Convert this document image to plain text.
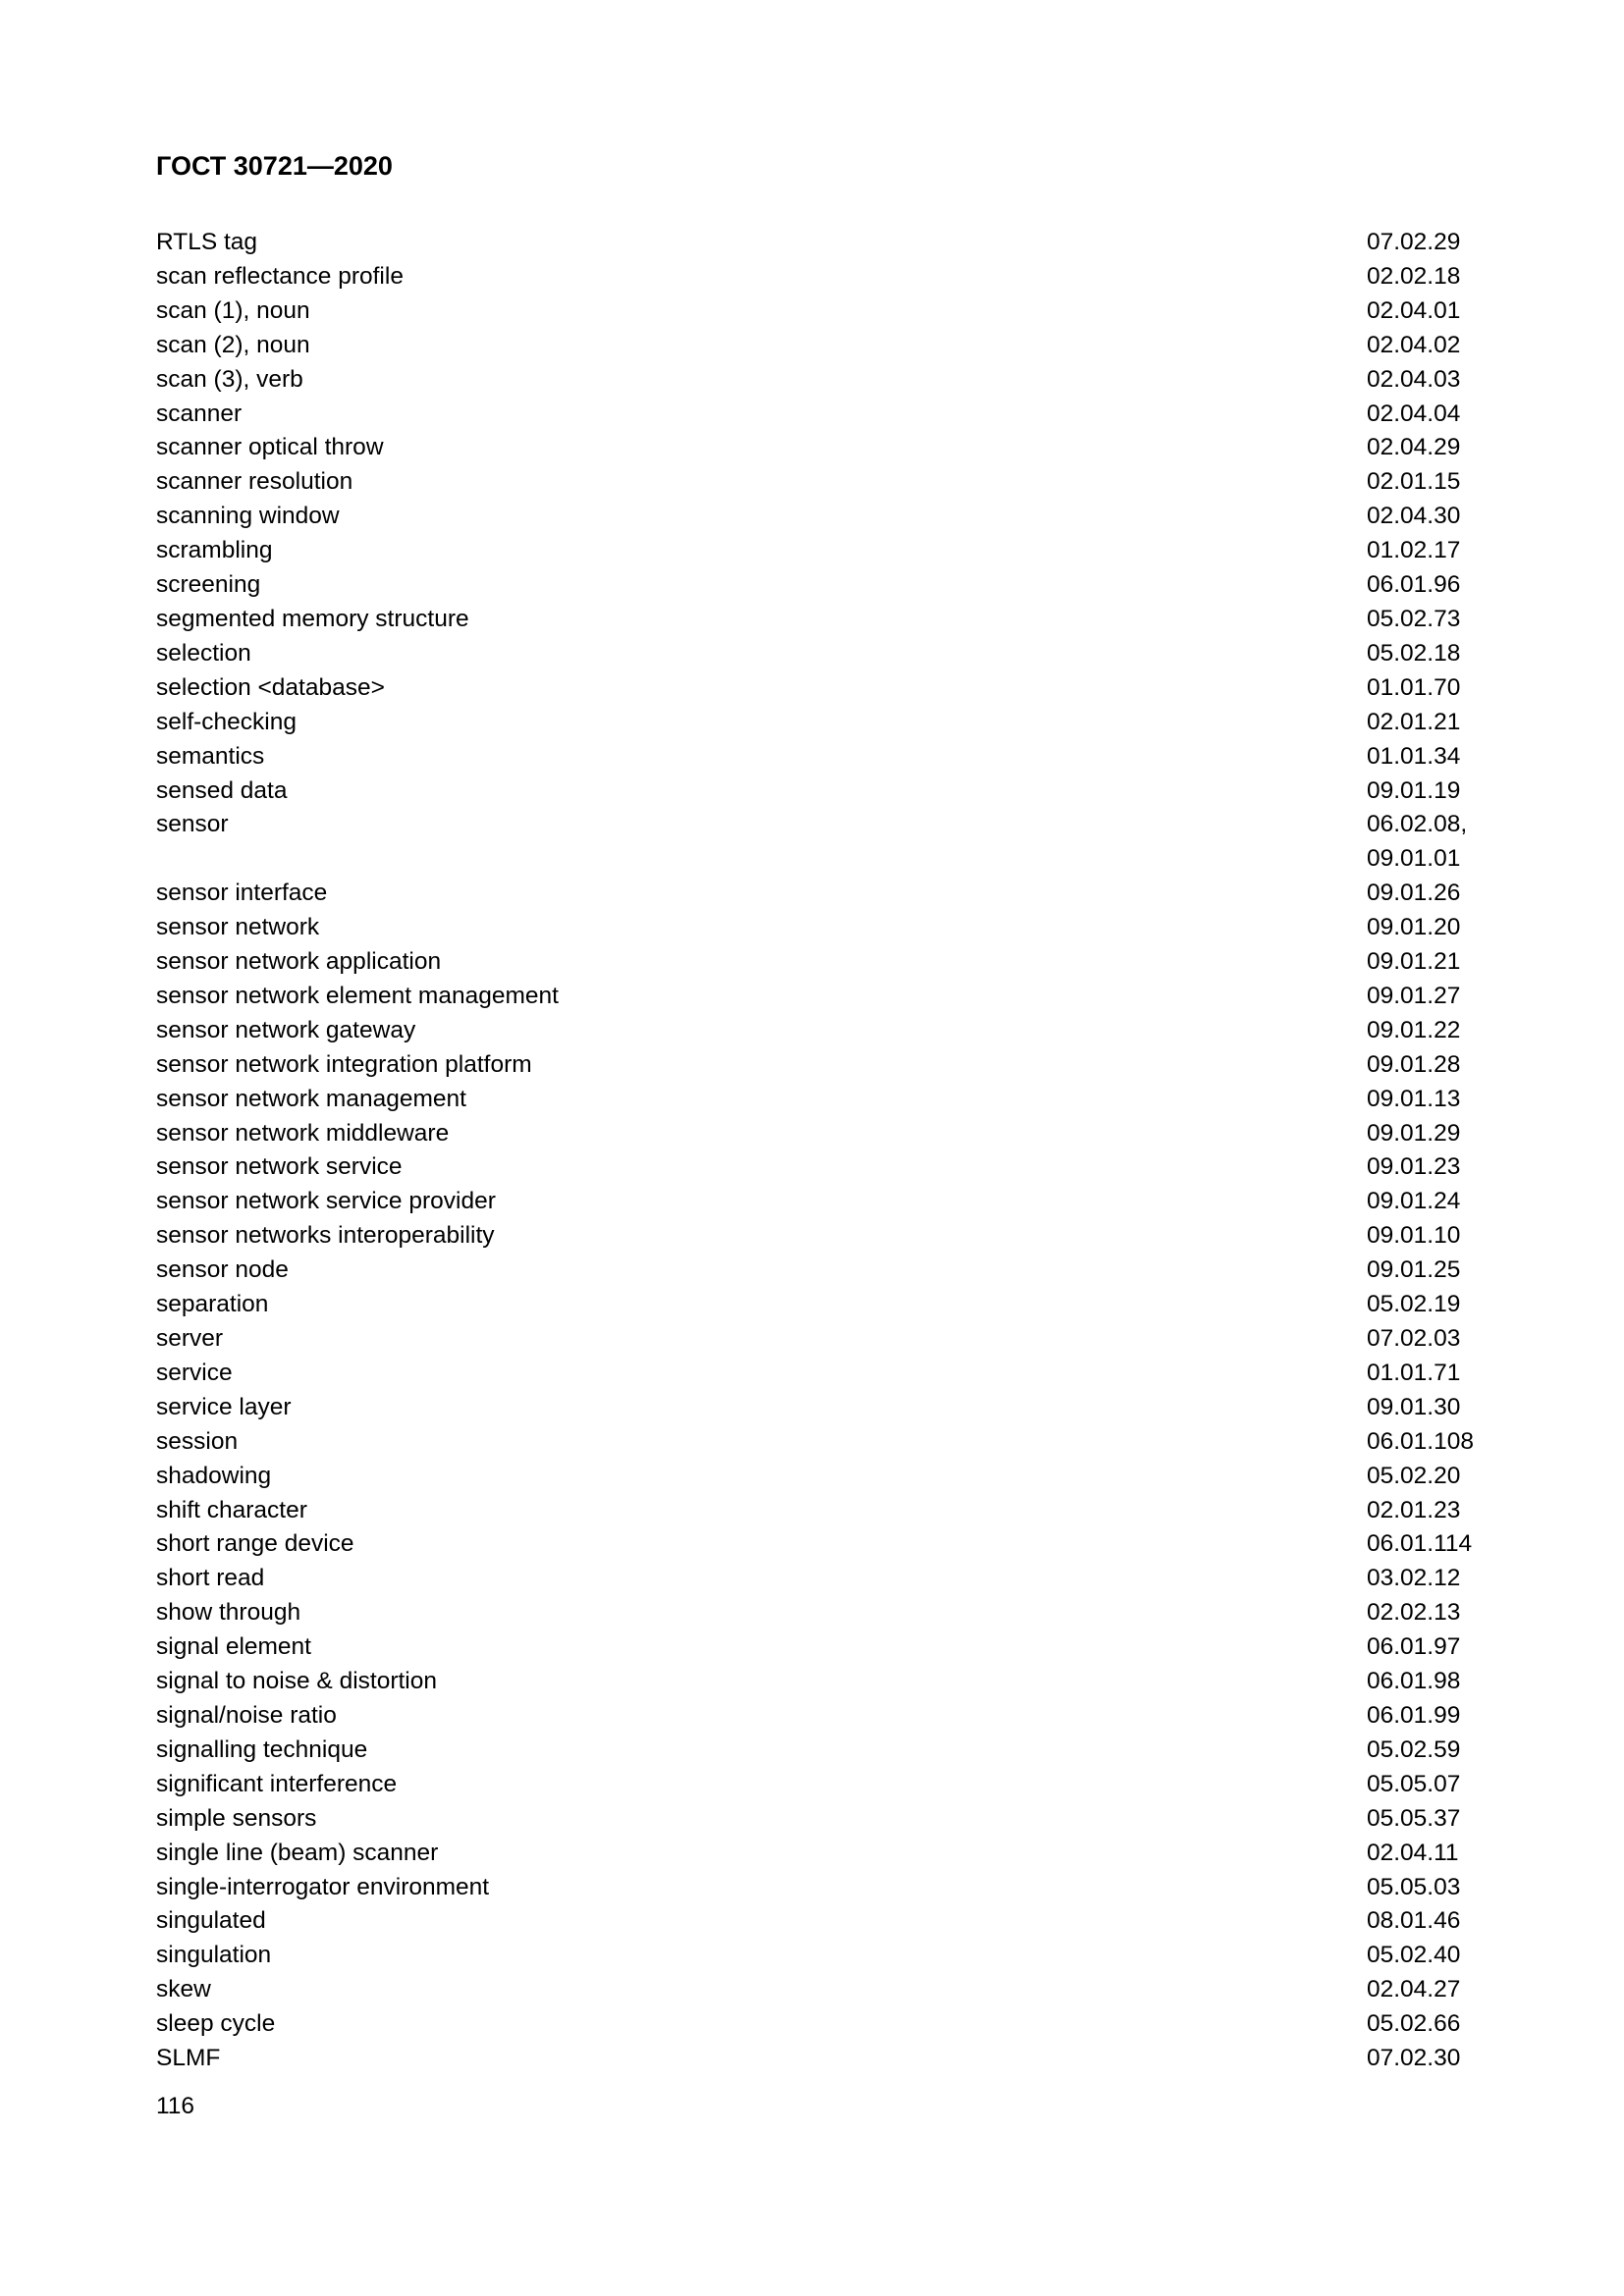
ГОСТ 30721—2020
RTLS tag	07.02.29
scan reflectance profile	02.02.18
scan (1), noun	02.04.01
scan (2), noun	02.04.02
scan (3), verb	02.04.03
scanner	02.04.04
scanner optical throw	02.04.29
scanner resolution	02.01.15
scanning window	02.04.30
scrambling	01.02.17
screening	06.01.96
segmented memory structure	05.02.73
selection	05.02.18
selection <database>	01.01.70
self-checking	02.01.21
semantics	01.01.34
sensed data	09.01.19
sensor	06.02.08,
09.01.01
sensor interface	09.01.26
sensor network	09.01.20
sensor network application	09.01.21
sensor network element management	09.01.27
sensor network gateway	09.01.22
sensor network integration platform	09.01.28
sensor network management	09.01.13
sensor network middleware	09.01.29
sensor network service	09.01.23
sensor network service provider	09.01.24
sensor networks interoperability	09.01.10
sensor node	09.01.25
separation	05.02.19
server	07.02.03
service	01.01.71
service layer	09.01.30
session	06.01.108
shadowing	05.02.20
shift character	02.01.23
short range device	06.01.114
short read	03.02.12
show through	02.02.13
signal element	06.01.97
signal to noise & distortion	06.01.98
signal/noise ratio	06.01.99
signalling technique	05.02.59
significant interference	05.05.07
simple sensors	05.05.37
single line (beam) scanner	02.04.11
single-interrogator environment	05.05.03
singulated	08.01.46
singulation	05.02.40
skew	02.04.27
sleep cycle	05.02.66
SLMF	07.02.30
116
